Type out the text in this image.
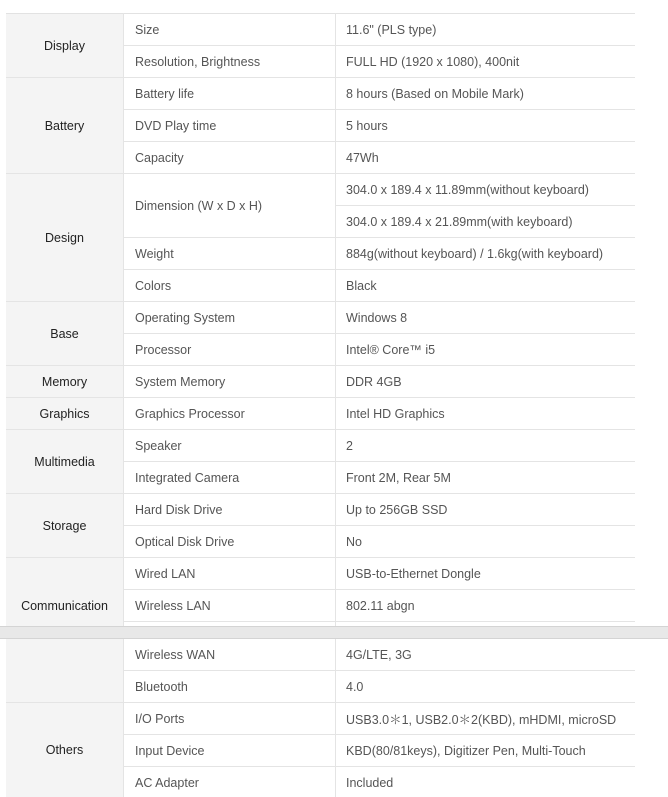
Display	Size	11.6" (PLS type)
	Resolution, Brightness	FULL HD (1920 x 1080), 400nit
Battery	Battery life	8 hours (Based on Mobile Mark)
	DVD Play time	5 hours
	Capacity	47Wh
Design	Dimension (W x D x H)	304.0 x 189.4 x 11.89mm(without keyboard)
		304.0 x 189.4 x 21.89mm(with keyboard)
	Weight	884g(without keyboard) / 1.6kg(with keyboard)
	Colors	Black
Base	Operating System	Windows 8
	Processor	Intel® Core™ i5
Memory	System Memory	DDR 4GB
Graphics	Graphics Processor	Intel HD Graphics
Multimedia	Speaker	2
	Integrated Camera	Front 2M, Rear 5M
Storage	Hard Disk Drive	Up to 256GB SSD
	Optical Disk Drive	No
Communication	Wired LAN	USB-to-Ethernet Dongle
	Wireless LAN	802.11 abgn

	Wireless WAN	4G/LTE, 3G
	Bluetooth	4.0
Others	I/O Ports	USB3.0＊1, USB2.0＊2(KBD), mHDMI, microSD
	Input Device	KBD(80/81keys), Digitizer Pen, Multi-Touch
	AC Adapter	Included
